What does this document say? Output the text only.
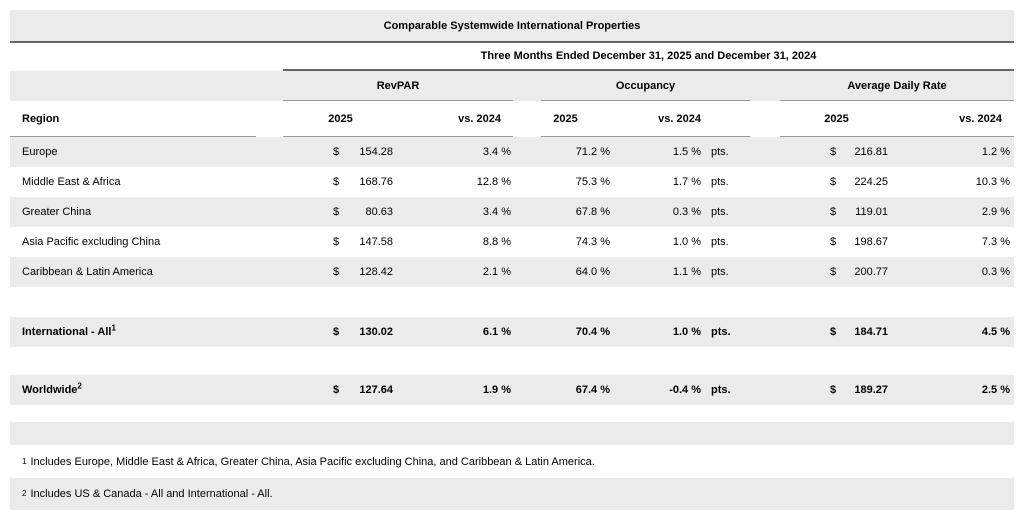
Comparable Systemwide International Properties
Three Months Ended December 31, 2025 and December 31, 2024
RevPAR	Occupancy	Average Daily Rate
Region	2025	vs. 2024	2025	vs. 2024	2025	vs. 2024
Europe	$ 154.28	3.4 %	71.2 %	1.5 % pts.	$ 216.81	1.2 %
Middle East & Africa	$ 168.76	12.8 %	75.3 %	1.7 % pts.	$ 224.25	10.3 %
Greater China	$ 80.63	3.4 %	67.8 %	0.3 % pts.	$ 119.01	2.9 %
Asia Pacific excluding China	$ 147.58	8.8 %	74.3 %	1.0 % pts.	$ 198.67	7.3 %
Caribbean & Latin America	$ 128.42	2.1 %	64.0 %	1.1 % pts.	$ 200.77	0.3 %
International - All$^1$	$ 130.02	6.1 %	70.4 %	1.0 % pts.	$ 184.71	4.5 %
Worldwide$^2$	$ 127.64	1.9 %	67.4 %	-0.4 % pts.	$ 189.27	2.5 %
1 Includes Europe, Middle East & Africa, Greater China, Asia Pacific excluding China, and Caribbean & Latin America.
2 Includes US & Canada - All and International - All.
